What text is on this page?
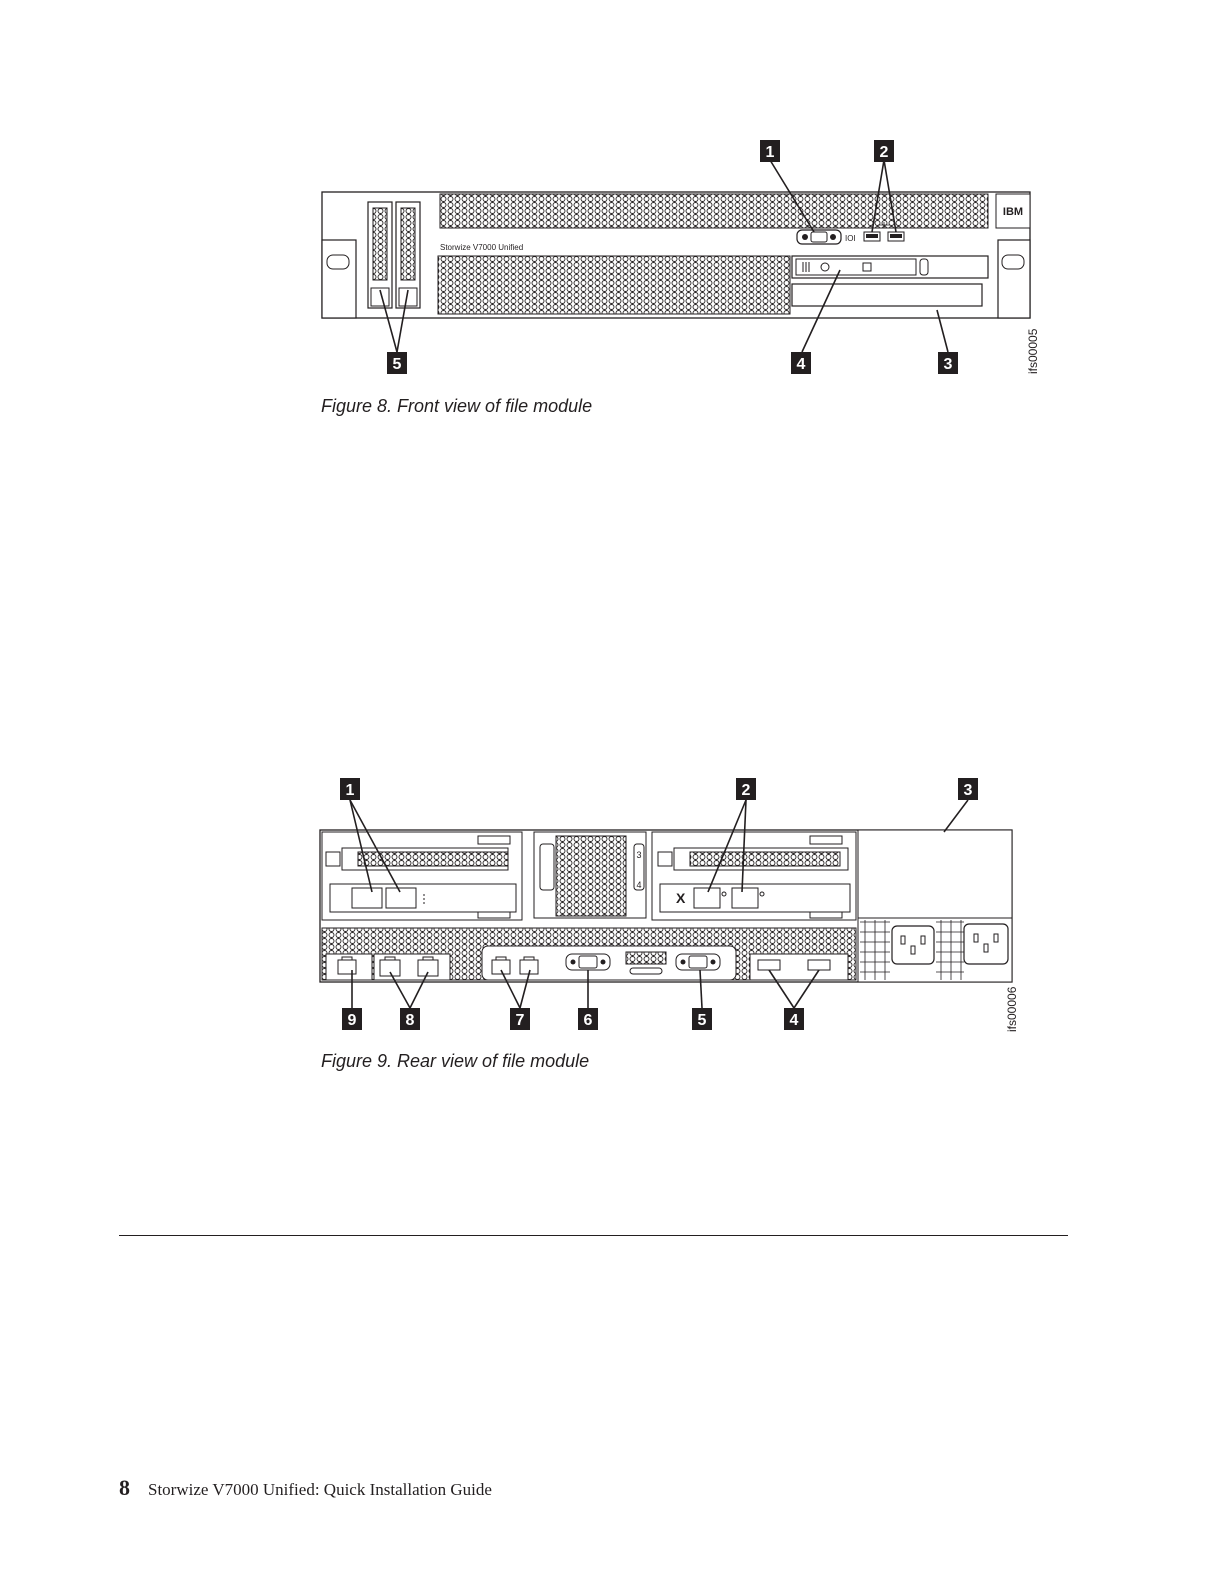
Storwize V7000 Unified
IBM
IOI
1	2
3
4
5	ifs00005
Figure 8. Front view of file module
3
4
X
1	2	3
4
5
6
7
8
9	ifs00006
Figure 9. Rear view of file module
8 Storwize V7000 Unified: Quick Installation Guide
